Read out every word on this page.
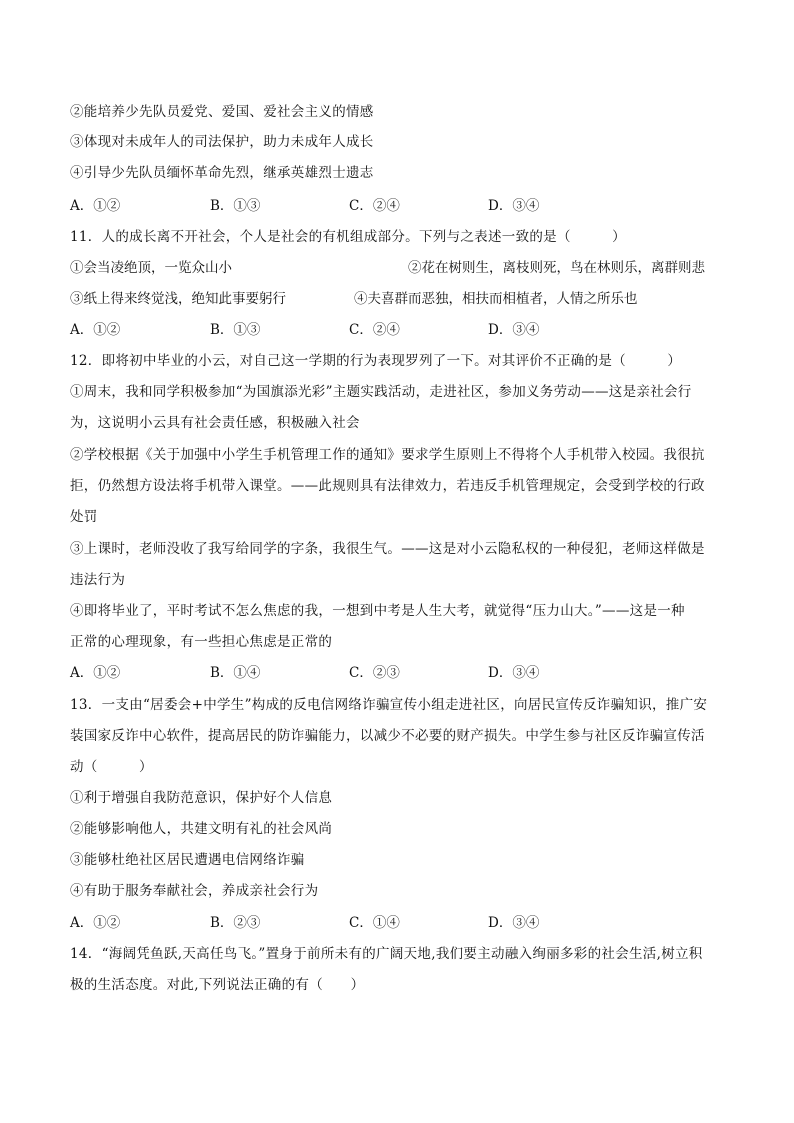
②能培养少先队员爱党、爱国、爱社会主义的情感
③体现对未成年人的司法保护，助力未成年人成长
④引导少先队员缅怀革命先烈，继承英雄烈士遗志
A．①②	B．①③	C．②④	D．③④
11．人的成长离不开社会，个人是社会的有机组成部分。下列与之表述一致的是（　　　）
①会当凌绝顶，一览众山小	②花在树则生，离枝则死，鸟在林则乐，离群则悲
③纸上得来终觉浅，绝知此事要躬行	④夫喜群而恶独，相扶而相植者，人情之所乐也
A．①②	B．①③	C．②④	D．③④
12．即将初中毕业的小云，对自己这一学期的行为表现罗列了一下。对其评价不正确的是（　　　）
①周末，我和同学积极参加“为国旗添光彩”主题实践活动，走进社区，参加义务劳动——这是亲社会行
为，这说明小云具有社会责任感，积极融入社会
②学校根据《关于加强中小学生手机管理工作的通知》要求学生原则上不得将个人手机带入校园。我很抗
拒，仍然想方设法将手机带入课堂。——此规则具有法律效力，若违反手机管理规定，会受到学校的行政
处罚
③上课时，老师没收了我写给同学的字条，我很生气。——这是对小云隐私权的一种侵犯，老师这样做是
违法行为
④即将毕业了，平时考试不怎么焦虑的我，一想到中考是人生大考，就觉得“压力山大。”——这是一种
正常的心理现象，有一些担心焦虑是正常的
A．①②	B．①④	C．②③	D．③④
13．一支由“居委会+中学生”构成的反电信网络诈骗宣传小组走进社区，向居民宣传反诈骗知识，推广安
装国家反诈中心软件，提高居民的防诈骗能力，以减少不必要的财产损失。中学生参与社区反诈骗宣传活
动（　　　）
①利于增强自我防范意识，保护好个人信息
②能够影响他人，共建文明有礼的社会风尚
③能够杜绝社区居民遭遇电信网络诈骗
④有助于服务奉献社会，养成亲社会行为
A．①②	B．②③	C．①④	D．③④
14．“海阔凭鱼跃,天高任鸟飞。”置身于前所未有的广阔天地,我们要主动融入绚丽多彩的社会生活,树立积
极的生活态度。对此,下列说法正确的有（　　）
